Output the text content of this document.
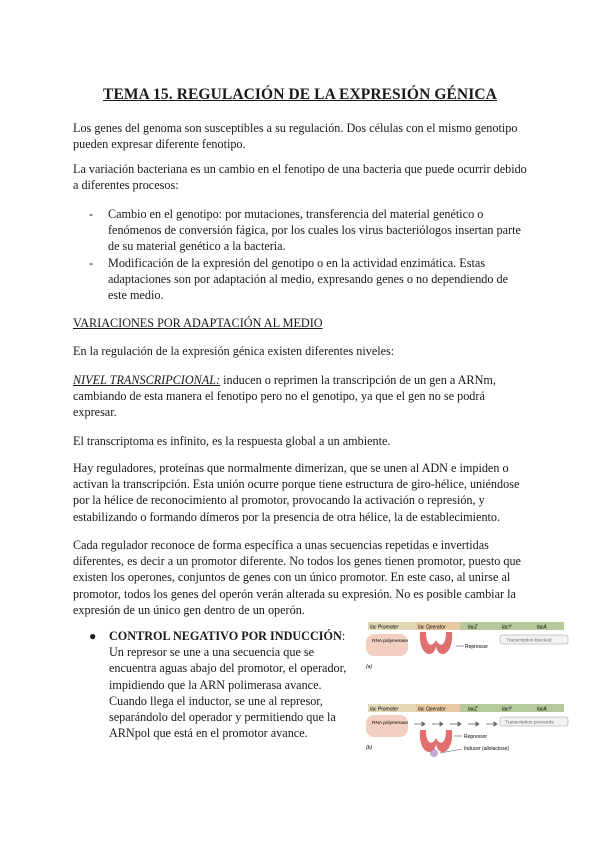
TEMA 15. REGULACIÓN DE LA EXPRESIÓN GÉNICA
Los genes del genoma son susceptibles a su regulación. Dos células con el mismo genotipo pueden expresar diferente fenotipo.
La variación bacteriana es un cambio en el fenotipo de una bacteria que puede ocurrir debido a diferentes procesos:
- Cambio en el genotipo: por mutaciones, transferencia del material genético o fenómenos de conversión fágica, por los cuales los virus bacteriólogos insertan parte de su material genético a la bacteria.
- Modificación de la expresión del genotipo o en la actividad enzimática. Estas adaptaciones son por adaptación al medio, expresando genes o no dependiendo de este medio.
VARIACIONES POR ADAPTACIÓN AL MEDIO
En la regulación de la expresión génica existen diferentes niveles:
NIVEL TRANSCRIPCIONAL: inducen o reprimen la transcripción de un gen a ARNm, cambiando de esta manera el fenotipo pero no el genotipo, ya que el gen no se podrá expresar.
El transcriptoma es infinito, es la respuesta global a un ambiente.
Hay reguladores, proteínas que normalmente dimerizan, que se unen al ADN e impiden o activan la transcripción. Esta unión ocurre porque tiene estructura de giro-hélice, uniéndose por la hélice de reconocimiento al promotor, provocando la activación o represión, y estabilizando o formando dímeros por la presencia de otra hélice, la de establecimiento.
Cada regulador reconoce de forma específica a unas secuencias repetidas e invertidas diferentes, es decir a un promotor diferente. No todos los genes tienen promotor, puesto que existen los operones, conjuntos de genes con un único promotor. En este caso, al unirse al promotor, todos los genes del operón verán alterada su expresión. No es posible cambiar la expresión de un único gen dentro de un operón.
● CONTROL NEGATIVO POR INDUCCIÓN: Un represor se une a una secuencia que se encuentra aguas abajo del promotor, el operador, impidiendo que la ARN polimerasa avance. Cuando llega el inductor, se une al represor, separándolo del operador y permitiendo que la ARNpol que está en el promotor avance.
lac Promoter	lac Operator	lacZ	lacY	lacA
RNA polymerase
Repressor
Transcription blocked
(a)
lac Promoter	lac Operator	lacZ	lacY	lacA
RNA polymerase	Transcription proceeds
Repressor
Inducer (allolactose)
(b)
